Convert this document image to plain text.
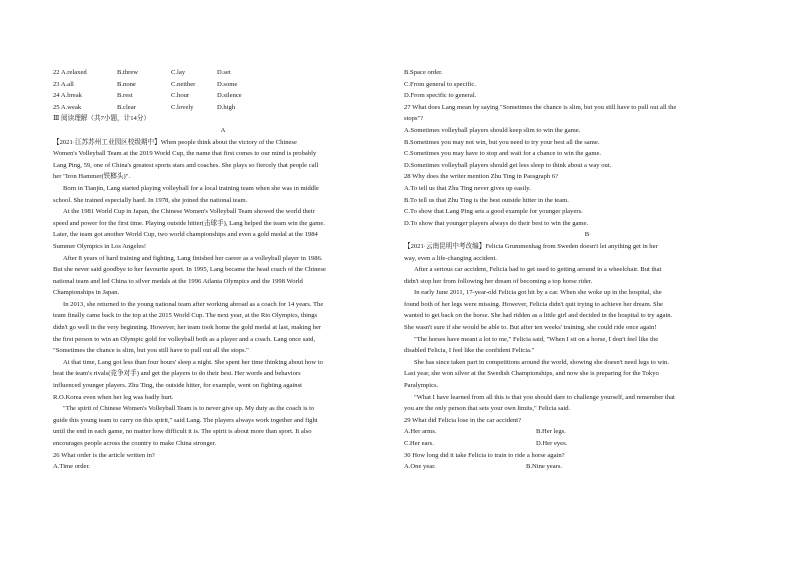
22 A.relaxed	B.threw	C.lay	D.set
23 A.all	B.none	C.neither	D.some
24 A.break	B.rest	C.hour	D.silence
25 A.weak	B.clear	C.lovely	D.high
Ⅲ 阅读理解（共7小题，计14分）
A
【2021·江苏苏州工业园区校级期中】When people think about the victory of the Chinese
Women's Volleyball Team at the 2019 World Cup, the name that first comes to our mind is probably
Lang Ping, 59, one of China's greatest sports stars and coaches. She plays so fiercely that people call
her "Iron Hammer(铁榔头)".
Born in Tianjin, Lang started playing volleyball for a local training team when she was in middle
school. She trained especially hard. In 1978, she joined the national team.
At the 1981 World Cup in Japan, the Chinese Women's Volleyball Team showed the world their
speed and power for the first time. Playing outside hitter(击球手), Lang helped the team win the game.
Later, the team got another World Cup, two world championships and even a gold medal at the 1984
Summer Olympics in Los Angeles!
After 8 years of hard training and fighting, Lang finished her career as a volleyball player in 1986.
But she never said goodbye to her favourite sport. In 1995, Lang became the head coach of the Chinese
national team and led China to silver medals at the 1996 Atlanta Olympics and the 1998 World
Championships in Japan.
In 2013, she returned to the young national team after working abroad as a coach for 14 years. The
team finally came back to the top at the 2015 World Cup. The next year, at the Rio Olympics, things
didn't go well in the very beginning. However, her team took home the gold medal at last, making her
the first person to win an Olympic gold for volleyball both as a player and a coach. Lang once said,
"Sometimes the chance is slim, but you still have to pull out all the stops."
At that time, Lang got less than four hours' sleep a night. She spent her time thinking about how to
beat the team's rivals(竞争对手) and get the players to do their best. Her words and behaviors
influenced younger players. Zhu Ting, the outside hitter, for example, went on fighting against
R.O.Korea even when her leg was badly hurt.
"The spirit of Chinese Women's Volleyball Team is to never give up. My duty as the coach is to
guide this young team to carry on this spirit," said Lang. The players always work together and fight
until the end in each game, no matter how difficult it is. The spirit is about more than sport. It also
encourages people across the country to make China stronger.
26 What order is the article written in?
A.Time order.
B.Space order.
C.From general to specific.
D.From specific to general.
27 What does Lang mean by saying "Sometimes the chance is slim, but you still have to pull out all the
stops"?
A.Sometimes volleyball players should keep slim to win the game.
B.Sometimes you may not win, but you need to try your best all the same.
C.Sometimes you may have to stop and wait for a chance to win the game.
D.Sometimes volleyball players should get less sleep to think about a way out.
28 Why does the writer mention Zhu Ting in Paragraph 6?
A.To tell us that Zhu Ting never gives up easily.
B.To tell us that Zhu Ting is the best outside hitter in the team.
C.To show that Lang Ping sets a good example for younger players.
D.To show that younger players always do their best to win the game.
B
【2021·云南昆明中考改编】Felicia Grummenhag from Sweden doesn't let anything get in her
way, even a life-changing accident.
After a serious car accident, Felicia had to get used to getting around in a wheelchair. But that
didn't stop her from following her dream of becoming a top horse rider.
In early June 2011, 17-year-old Felicia got hit by a car. When she woke up in the hospital, she
found both of her legs were missing. However, Felicia didn't quit trying to achieve her dream. She
wanted to get back on the horse. She had ridden as a little girl and decided in the hospital to try again.
She wasn't sure if she would be able to. But after ten weeks' training, she could ride once again!
"The horses have meant a lot to me," Felicia said, "When I sit on a horse, I don't feel like the
disabled Felicia, I feel like the confident Felicia."
She has since taken part in competitions around the world, showing she doesn't need legs to win.
Last year, she won silver at the Swedish Championships, and now she is preparing for the Tokyo
Paralympics.
"What I have learned from all this is that you should dare to challenge yourself, and remember that
you are the only person that sets your own limits," Felicia said.
29 What did Felicia lose in the car accident?
A.Her arms.	B.Her legs.
C.Her ears.	D.Her eyes.
30 How long did it take Felicia to train to ride a horse again?
A.One year.	B.Nine years.
